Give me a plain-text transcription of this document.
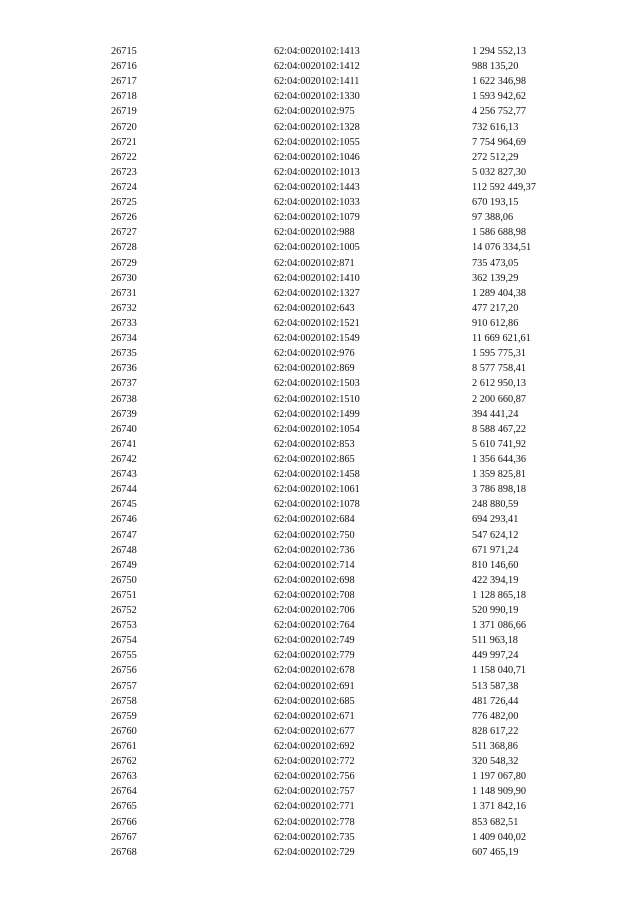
26715	62:04:0020102:1413	1 294 552,13
26716	62:04:0020102:1412	988 135,20
26717	62:04:0020102:1411	1 622 346,98
26718	62:04:0020102:1330	1 593 942,62
26719	62:04:0020102:975	4 256 752,77
26720	62:04:0020102:1328	732 616,13
26721	62:04:0020102:1055	7 754 964,69
26722	62:04:0020102:1046	272 512,29
26723	62:04:0020102:1013	5 032 827,30
26724	62:04:0020102:1443	112 592 449,37
26725	62:04:0020102:1033	670 193,15
26726	62:04:0020102:1079	97 388,06
26727	62:04:0020102:988	1 586 688,98
26728	62:04:0020102:1005	14 076 334,51
26729	62:04:0020102:871	735 473,05
26730	62:04:0020102:1410	362 139,29
26731	62:04:0020102:1327	1 289 404,38
26732	62:04:0020102:643	477 217,20
26733	62:04:0020102:1521	910 612,86
26734	62:04:0020102:1549	11 669 621,61
26735	62:04:0020102:976	1 595 775,31
26736	62:04:0020102:869	8 577 758,41
26737	62:04:0020102:1503	2 612 950,13
26738	62:04:0020102:1510	2 200 660,87
26739	62:04:0020102:1499	394 441,24
26740	62:04:0020102:1054	8 588 467,22
26741	62:04:0020102:853	5 610 741,92
26742	62:04:0020102:865	1 356 644,36
26743	62:04:0020102:1458	1 359 825,81
26744	62:04:0020102:1061	3 786 898,18
26745	62:04:0020102:1078	248 880,59
26746	62:04:0020102:684	694 293,41
26747	62:04:0020102:750	547 624,12
26748	62:04:0020102:736	671 971,24
26749	62:04:0020102:714	810 146,60
26750	62:04:0020102:698	422 394,19
26751	62:04:0020102:708	1 128 865,18
26752	62:04:0020102:706	520 990,19
26753	62:04:0020102:764	1 371 086,66
26754	62:04:0020102:749	511 963,18
26755	62:04:0020102:779	449 997,24
26756	62:04:0020102:678	1 158 040,71
26757	62:04:0020102:691	513 587,38
26758	62:04:0020102:685	481 726,44
26759	62:04:0020102:671	776 482,00
26760	62:04:0020102:677	828 617,22
26761	62:04:0020102:692	511 368,86
26762	62:04:0020102:772	320 548,32
26763	62:04:0020102:756	1 197 067,80
26764	62:04:0020102:757	1 148 909,90
26765	62:04:0020102:771	1 371 842,16
26766	62:04:0020102:778	853 682,51
26767	62:04:0020102:735	1 409 040,02
26768	62:04:0020102:729	607 465,19
